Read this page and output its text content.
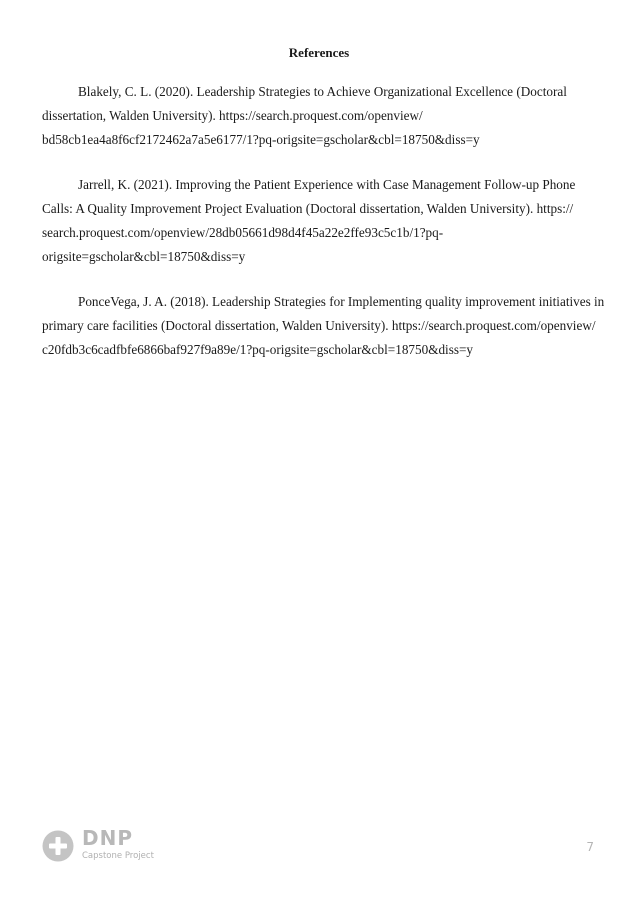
References

Blakely, C. L. (2020). Leadership Strategies to Achieve Organizational Excellence (Doctoral
dissertation, Walden University). https://search.proquest.com/openview/
bd58cb1ea4a8f6cf2172462a7a5e6177/1?pq-origsite=gscholar&cbl=18750&diss=y

Jarrell, K. (2021). Improving the Patient Experience with Case Management Follow-up Phone
Calls: A Quality Improvement Project Evaluation (Doctoral dissertation, Walden University). https://
search.proquest.com/openview/28db05661d98d4f45a22e2ffe93c5c1b/1?pq-
origsite=gscholar&cbl=18750&diss=y

PonceVega, J. A. (2018). Leadership Strategies for Implementing quality improvement initiatives in
primary care facilities (Doctoral dissertation, Walden University). https://search.proquest.com/openview/
c20fdb3c6cadfbfe6866baf927f9a89e/1?pq-origsite=gscholar&cbl=18750&diss=y

DNP
Capstone Project
7
